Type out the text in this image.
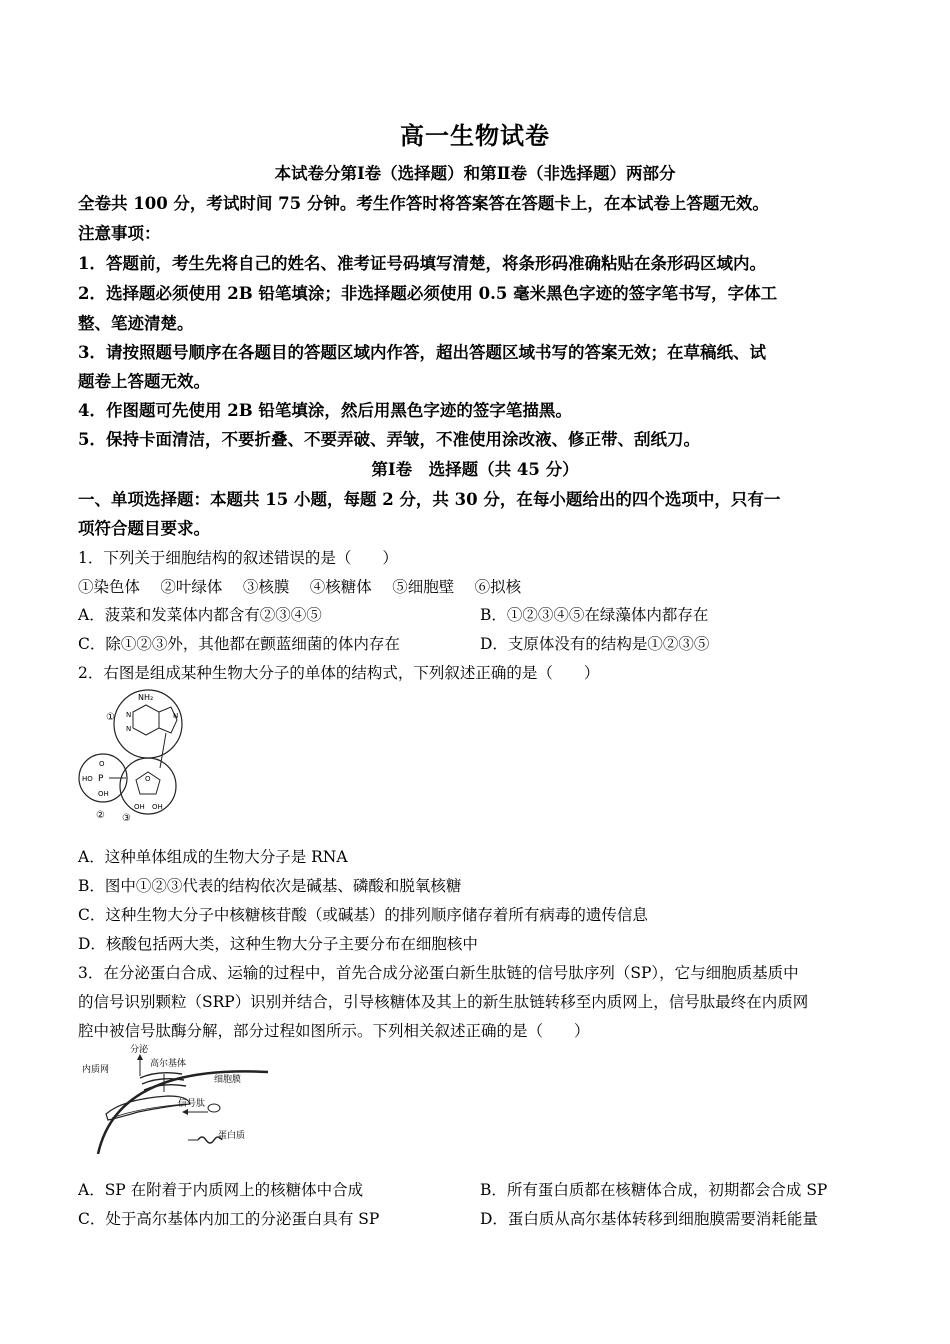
高一生物试卷
本试卷分第Ⅰ卷（选择题）和第Ⅱ卷（非选择题）两部分
全卷共 100 分，考试时间 75 分钟。考生作答时将答案答在答题卡上，在本试卷上答题无效。
注意事项：
1．答题前，考生先将自己的姓名、准考证号码填写清楚，将条形码准确粘贴在条形码区域内。
2．选择题必须使用 2B 铅笔填涂；非选择题必须使用 0.5 毫米黑色字迹的签字笔书写，字体工
整、笔迹清楚。
3．请按照题号顺序在各题目的答题区域内作答，超出答题区域书写的答案无效；在草稿纸、试
题卷上答题无效。
4．作图题可先使用 2B 铅笔填涂，然后用黑色字迹的签字笔描黑。
5．保持卡面清洁，不要折叠、不要弄破、弄皱，不准使用涂改液、修正带、刮纸刀。
第Ⅰ卷　选择题（共 45 分）
一、单项选择题：本题共 15 小题，每题 2 分，共 30 分，在每小题给出的四个选项中，只有一
项符合题目要求。
1．下列关于细胞结构的叙述错误的是（　　）
①染色体　 ②叶绿体　 ③核膜　 ④核糖体　 ⑤细胞壁　 ⑥拟核
A．菠菜和发菜体内都含有②③④⑤	B．①②③④⑤在绿藻体内都存在
C．除①②③外，其他都在颤蓝细菌的体内存在	D．支原体没有的结构是①②③⑤
2．右图是组成某种生物大分子的单体的结构式，下列叙述正确的是（　　）
NH₂
N
N
N
P
O
HO
OH
O
OH OH
①
② ③
A．这种单体组成的生物大分子是 RNA
B．图中①②③代表的结构依次是碱基、磷酸和脱氧核糖
C．这种生物大分子中核糖核苷酸（或碱基）的排列顺序储存着所有病毒的遗传信息
D．核酸包括两大类，这种生物大分子主要分布在细胞核中
3．在分泌蛋白合成、运输的过程中，首先合成分泌蛋白新生肽链的信号肽序列（SP），它与细胞质基质中
的信号识别颗粒（SRP）识别并结合，引导核糖体及其上的新生肽链转移至内质网上，信号肽最终在内质网
腔中被信号肽酶分解，部分过程如图所示。下列相关叙述正确的是（　　）
分泌
高尔基体
内质网
细胞膜
信号肽
蛋白质
A．SP 在附着于内质网上的核糖体中合成	B．所有蛋白质都在核糖体合成，初期都会合成 SP
C．处于高尔基体内加工的分泌蛋白具有 SP	D．蛋白质从高尔基体转移到细胞膜需要消耗能量
